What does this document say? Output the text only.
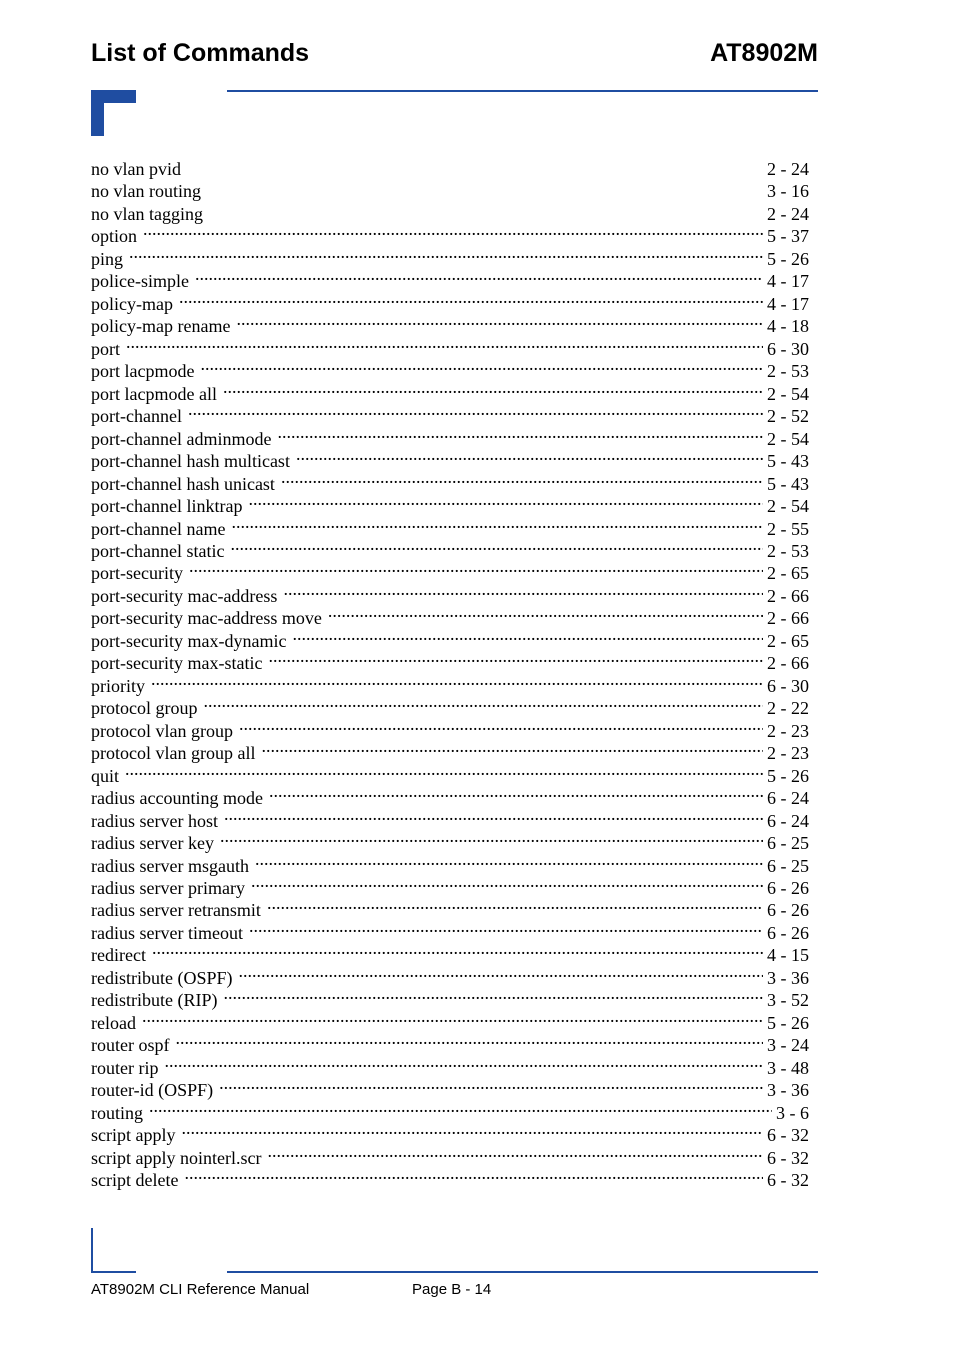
List of Commands	AT8902M
no vlan pvid	2 - 24
no vlan routing	3 - 16
no vlan tagging	2 - 24
option .....	5 - 37
ping .....	5 - 26
police-simple .....	4 - 17
policy-map .....	4 - 17
policy-map rename .....	4 - 18
port .....	6 - 30
port lacpmode .....	2 - 53
port lacpmode all .....	2 - 54
port-channel .....	2 - 52
port-channel adminmode .....	2 - 54
port-channel hash multicast .....	5 - 43
port-channel hash unicast .....	5 - 43
port-channel linktrap .....	2 - 54
port-channel name .....	2 - 55
port-channel static .....	2 - 53
port-security .....	2 - 65
port-security mac-address .....	2 - 66
port-security mac-address move .....	2 - 66
port-security max-dynamic .....	2 - 65
port-security max-static .....	2 - 66
priority .....	6 - 30
protocol group .....	2 - 22
protocol vlan group .....	2 - 23
protocol vlan group all .....	2 - 23
quit .....	5 - 26
radius accounting mode .....	6 - 24
radius server host .....	6 - 24
radius server key .....	6 - 25
radius server msgauth .....	6 - 25
radius server primary .....	6 - 26
radius server retransmit .....	6 - 26
radius server timeout .....	6 - 26
redirect .....	4 - 15
redistribute (OSPF) .....	3 - 36
redistribute (RIP) .....	3 - 52
reload .....	5 - 26
router ospf .....	3 - 24
router rip .....	3 - 48
router-id (OSPF) .....	3 - 36
routing .....	3 - 6
script apply .....	6 - 32
script apply nointerl.scr .....	6 - 32
script delete .....	6 - 32
AT8902M CLI Reference Manual	Page B - 14
